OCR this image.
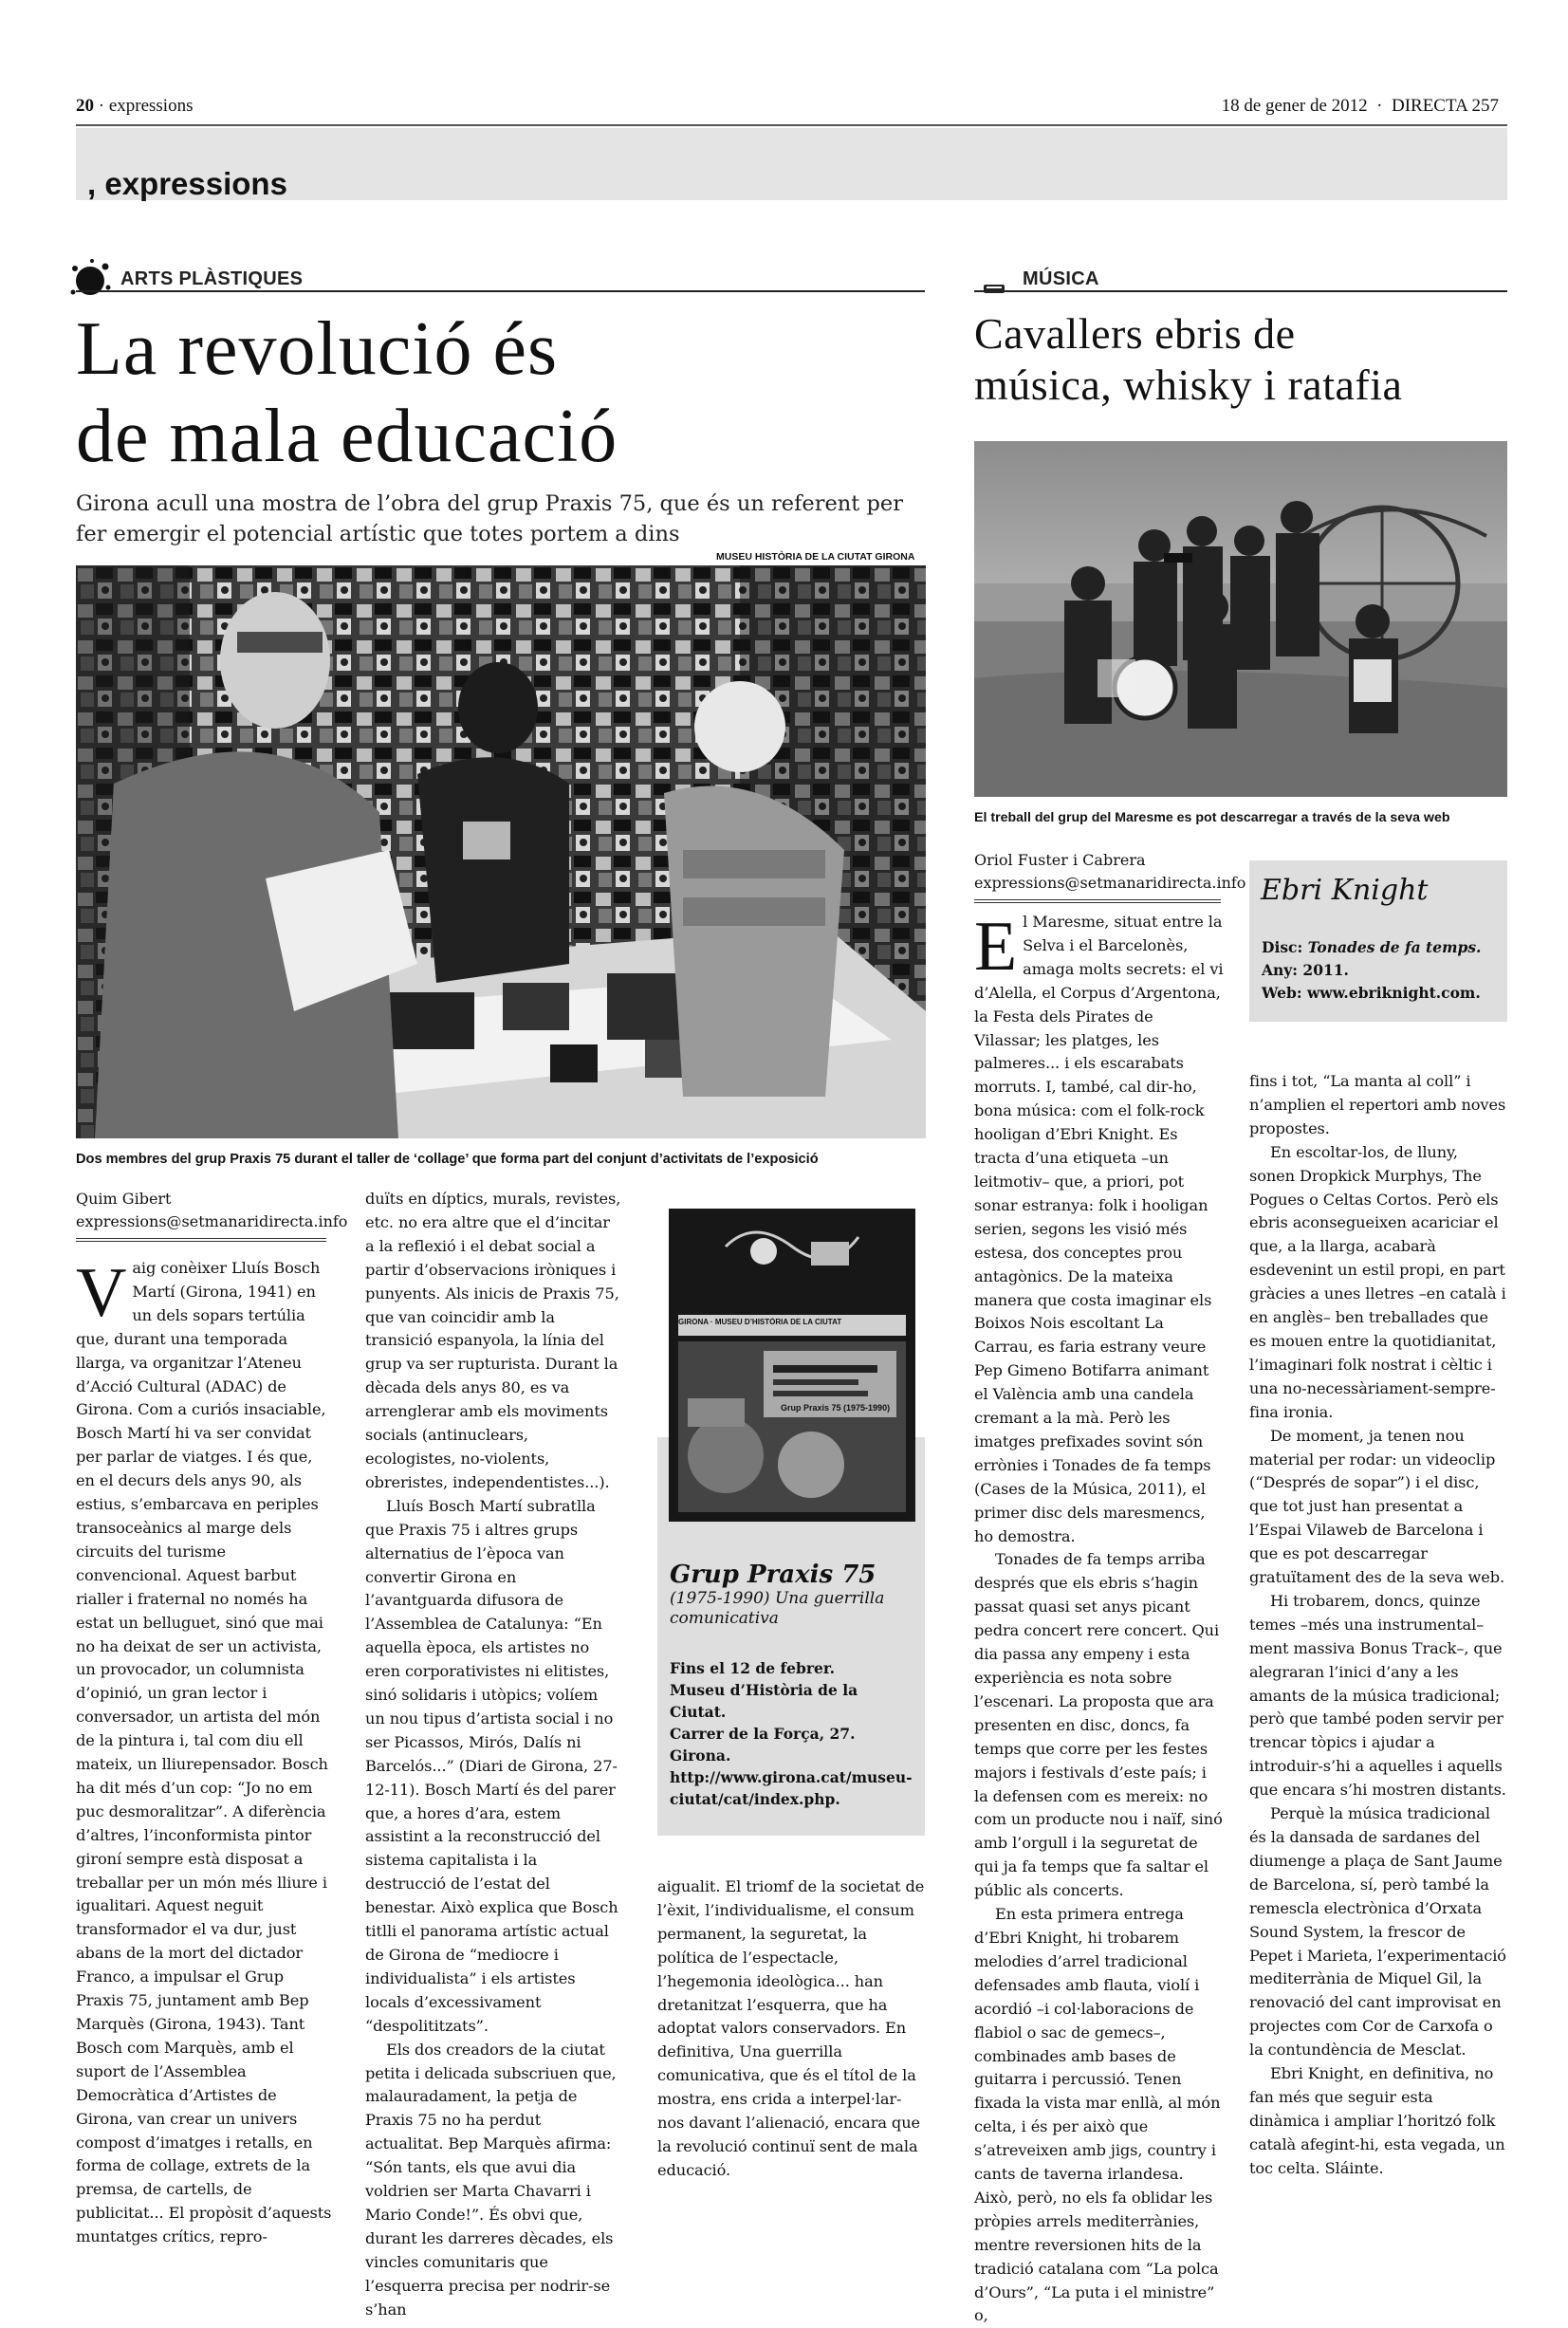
20 · expressions	18 de gener de 2012  ·  DIRECTA 257
, expressions
ARTS PLÀSTIQUES
La revolució és
de mala educació
Girona acull una mostra de l’obra del grup Praxis 75, que és un referent per
fer emergir el potencial artístic que totes portem a dins
MUSEU HISTÒRIA DE LA CIUTAT GIRONA
Dos membres del grup Praxis 75 durant el taller de ‘collage’ que forma part del conjunt d’activitats de l’exposició
Quim Gibert
expressions@setmanaridirecta.info

Vaig conèixer Lluís Bosch Martí (Girona, 1941) en un dels sopars tertúlia que, durant una temporada llarga, va organitzar l’Ateneu d’Acció Cultural (ADAC) de Girona. Com a curiós insaciable, Bosch Martí hi va ser convidat per parlar de viatges. I és que, en el decurs dels anys 90, als estius, s’embarcava en periples transoceànics al marge dels circuits del turisme convencional. Aquest barbut rialler i fraternal no només ha estat un belluguet, sinó que mai no ha deixat de ser un activista, un provocador, un columnista d’opinió, un gran lector i conversador, un artista del món de la pintura i, tal com diu ell mateix, un lliurepensador. Bosch ha dit més d’un cop: “Jo no em puc desmoralitzar”. A diferència d’altres, l’inconformista pintor gironí sempre està disposat a treballar per un món més lliure i igualitari. Aquest neguit transformador el va dur, just abans de la mort del dictador Franco, a impulsar el Grup Praxis 75, juntament amb Bep Marquès (Girona, 1943). Tant Bosch com Marquès, amb el suport de l’Assemblea Democràtica d’Artistes de Girona, van crear un univers compost d’imatges i retalls, en forma de collage, extrets de la premsa, de cartells, de publicitat... El propòsit d’aquests muntatges crítics, repro-

duïts en díptics, murals, revistes, etc. no era altre que el d’incitar a la reflexió i el debat social a partir d’observacions iròniques i punyents. Als inicis de Praxis 75, que van coincidir amb la transició espanyola, la línia del grup va ser rupturista. Durant la dècada dels anys 80, es va arrenglerar amb els moviments socials (antinuclears, ecologistes, no-violents, obreristes, independentistes...).

Lluís Bosch Martí subratlla que Praxis 75 i altres grups alternatius de l’època van convertir Girona en l’avantguarda difusora de l’Assemblea de Catalunya: “En aquella època, els artistes no eren corporativistes ni elitistes, sinó solidaris i utòpics; volíem un nou tipus d’artista social i no ser Picassos, Mirós, Dalís ni Barcelós...” (Diari de Girona, 27-12-11). Bosch Martí és del parer que, a hores d’ara, estem assistint a la reconstrucció del sistema capitalista i la destrucció de l’estat del benestar. Això explica que Bosch titlli el panorama artístic actual de Girona de “mediocre i individualista” i els artistes locals d’excessivament “despolititzats”.

Els dos creadors de la ciutat petita i delicada subscriuen que, malauradament, la petja de Praxis 75 no ha perdut actualitat. Bep Marquès afirma: “Són tants, els que avui dia voldrien ser Marta Chavarri i Mario Conde!”. És obvi que, durant les darreres dècades, els vincles comunitaris que l’esquerra precisa per nodrir-se s’han

GIRONA · MUSEU D’HISTÒRIA DE LA CIUTAT
Grup Praxis 75 (1975-1990)
Grup Praxis 75
(1975-1990) Una guerrilla comunicativa
Fins el 12 de febrer.
Museu d’Història de la Ciutat.
Carrer de la Força, 27.
Girona.
http://www.girona.cat/museu-ciutat/cat/index.php.

aigualit. El triomf de la societat de l’èxit, l’individualisme, el consum permanent, la seguretat, la política de l’espectacle, l’hegemonia ideològica... han dretanitzat l’esquerra, que ha adoptat valors conservadors. En definitiva, Una guerrilla comunicativa, que és el títol de la mostra, ens crida a interpel·lar-nos davant l’alienació, encara que la revolució continuï sent de mala educació.

MÚSICA
Cavallers ebris de
música, whisky i ratafia
El treball del grup del Maresme es pot descarregar a través de la seva web
Oriol Fuster i Cabrera
expressions@setmanaridirecta.info Ebri Knight
Disc: Tonades de fa temps.
Any: 2011.
Web: www.ebriknight.com.

El Maresme, situat entre la Selva i el Barcelonès, amaga molts secrets: el vi d’Alella, el Corpus d’Argentona, la Festa dels Pirates de Vilassar; les platges, les palmeres... i els escarabats morruts. I, també, cal dir-ho, bona música: com el folk-rock hooligan d’Ebri Knight. Es tracta d’una etiqueta –un leitmotiv– que, a priori, pot sonar estranya: folk i hooligan serien, segons les visió més estesa, dos conceptes prou antagònics. De la mateixa manera que costa imaginar els Boixos Nois escoltant La Carrau, es faria estrany veure Pep Gimeno Botifarra animant el València amb una candela cremant a la mà. Però les imatges prefixades sovint són errònies i Tonades de fa temps (Cases de la Música, 2011), el primer disc dels maresmencs, ho demostra.

Tonades de fa temps arriba després que els ebris s’hagin passat quasi set anys picant pedra concert rere concert. Qui dia passa any empeny i esta experiència es nota sobre l’escenari. La proposta que ara presenten en disc, doncs, fa temps que corre per les festes majors i festivals d’este país; i la defensen com es mereix: no com un producte nou i naïf, sinó amb l’orgull i la seguretat de qui ja fa temps que fa saltar el públic als concerts.

En esta primera entrega d’Ebri Knight, hi trobarem melodies d’arrel tradicional defensades amb flauta, violí i acordió –i col·laboracions de flabiol o sac de gemecs–, combinades amb bases de guitarra i percussió. Tenen fixada la vista mar enllà, al món celta, i és per això que s’atreveixen amb jigs, country i cants de taverna irlandesa. Això, però, no els fa oblidar les pròpies arrels mediterrànies, mentre reversionen hits de la tradició catalana com “La polca d’Ours”, “La puta i el ministre” o,

fins i tot, “La manta al coll” i n’amplien el repertori amb noves propostes.

En escoltar-los, de lluny, sonen Dropkick Murphys, The Pogues o Celtas Cortos. Però els ebris aconsegueixen acariciar el que, a la llarga, acabarà esdevenint un estil propi, en part gràcies a unes lletres –en català i en anglès– ben treballades que es mouen entre la quotidianitat, l’imaginari folk nostrat i cèltic i una no-necessàriament-sempre-fina ironia.

De moment, ja tenen nou material per rodar: un videoclip (“Després de sopar”) i el disc, que tot just han presentat a l’Espai Vilaweb de Barcelona i que es pot descarregar gratuïtament des de la seva web.

Hi trobarem, doncs, quinze temes –més una instrumental– ment massiva Bonus Track–, que alegraran l’inici d’any a les amants de la música tradicional; però que també poden servir per trencar tòpics i ajudar a introduir-s’hi a aquelles i aquells que encara s’hi mostren distants.

Perquè la música tradicional és la dansada de sardanes del diumenge a plaça de Sant Jaume de Barcelona, sí, però també la remescla electrònica d’Orxata Sound System, la frescor de Pepet i Marieta, l’experimentació mediterrània de Miquel Gil, la renovació del cant improvisat en projectes com Cor de Carxofa o la contundència de Mesclat.

Ebri Knight, en definitiva, no fan més que seguir esta dinàmica i ampliar l’horitzó folk català afegint-hi, esta vegada, un toc celta. Sláinte.
